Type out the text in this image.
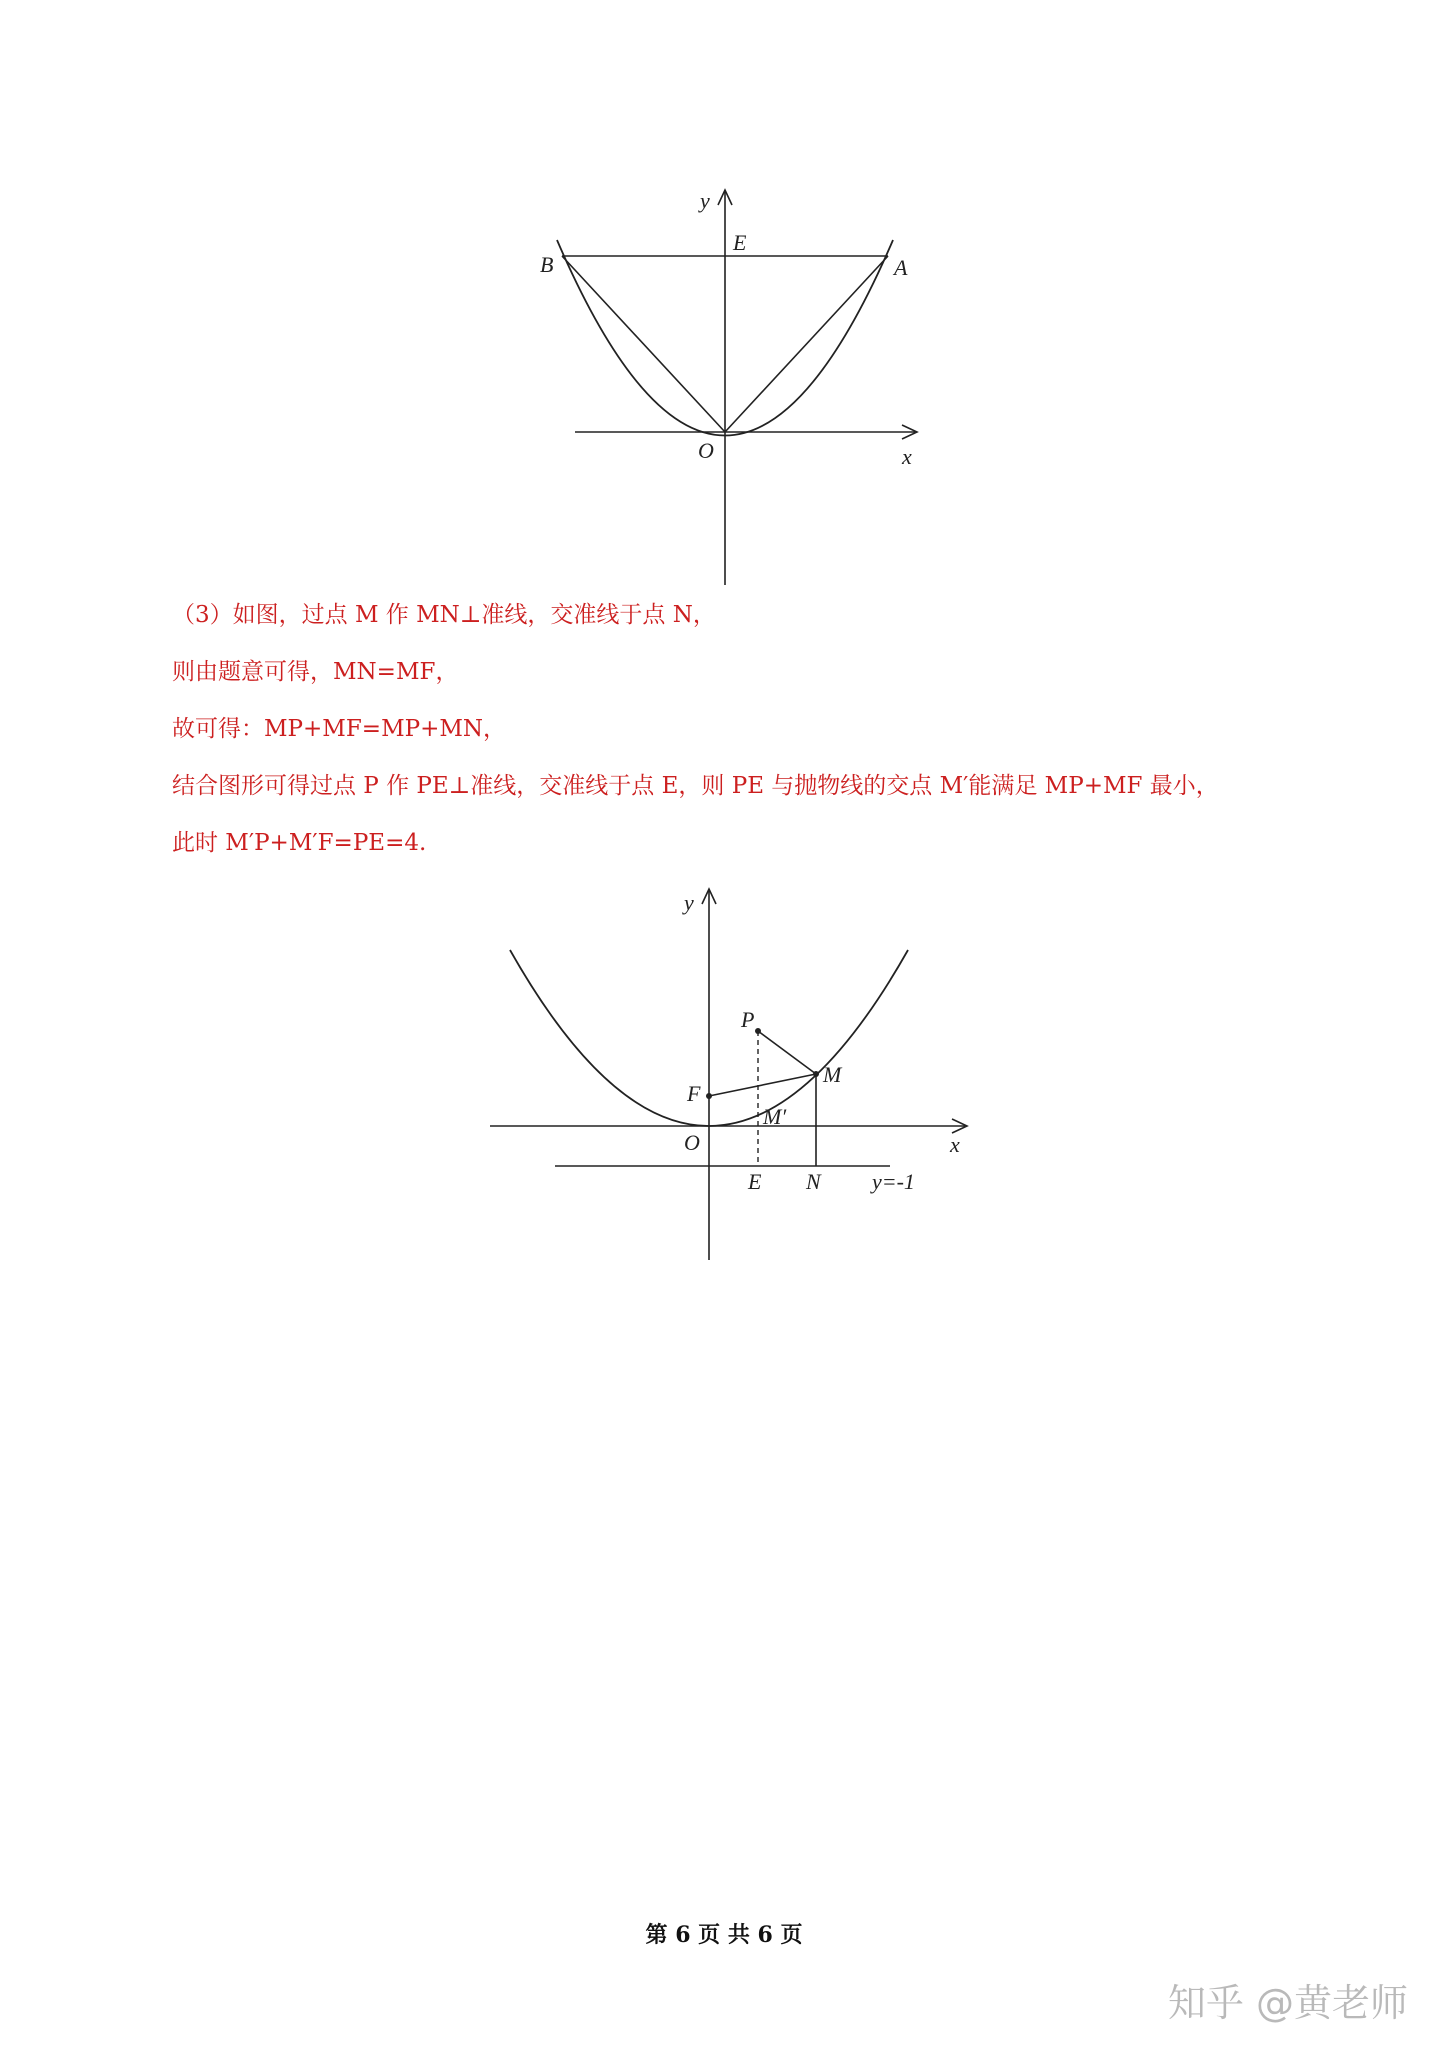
y
E
B	A
O	x

（3）如图，过点 M 作 MN⊥准线，交准线于点 N，

则由题意可得，MN=MF，

故可得：MP+MF=MP+MN，

结合图形可得过点 P 作 PE⊥准线，交准线于点 E，则 PE 与抛物线的交点 M′能满足 MP+MF 最小，

此时 M′P+M′F=PE=4.

y
P
M
F
M′
O	x
E N y=-1
第 6 页 共 6 页
知乎 @黄老师
